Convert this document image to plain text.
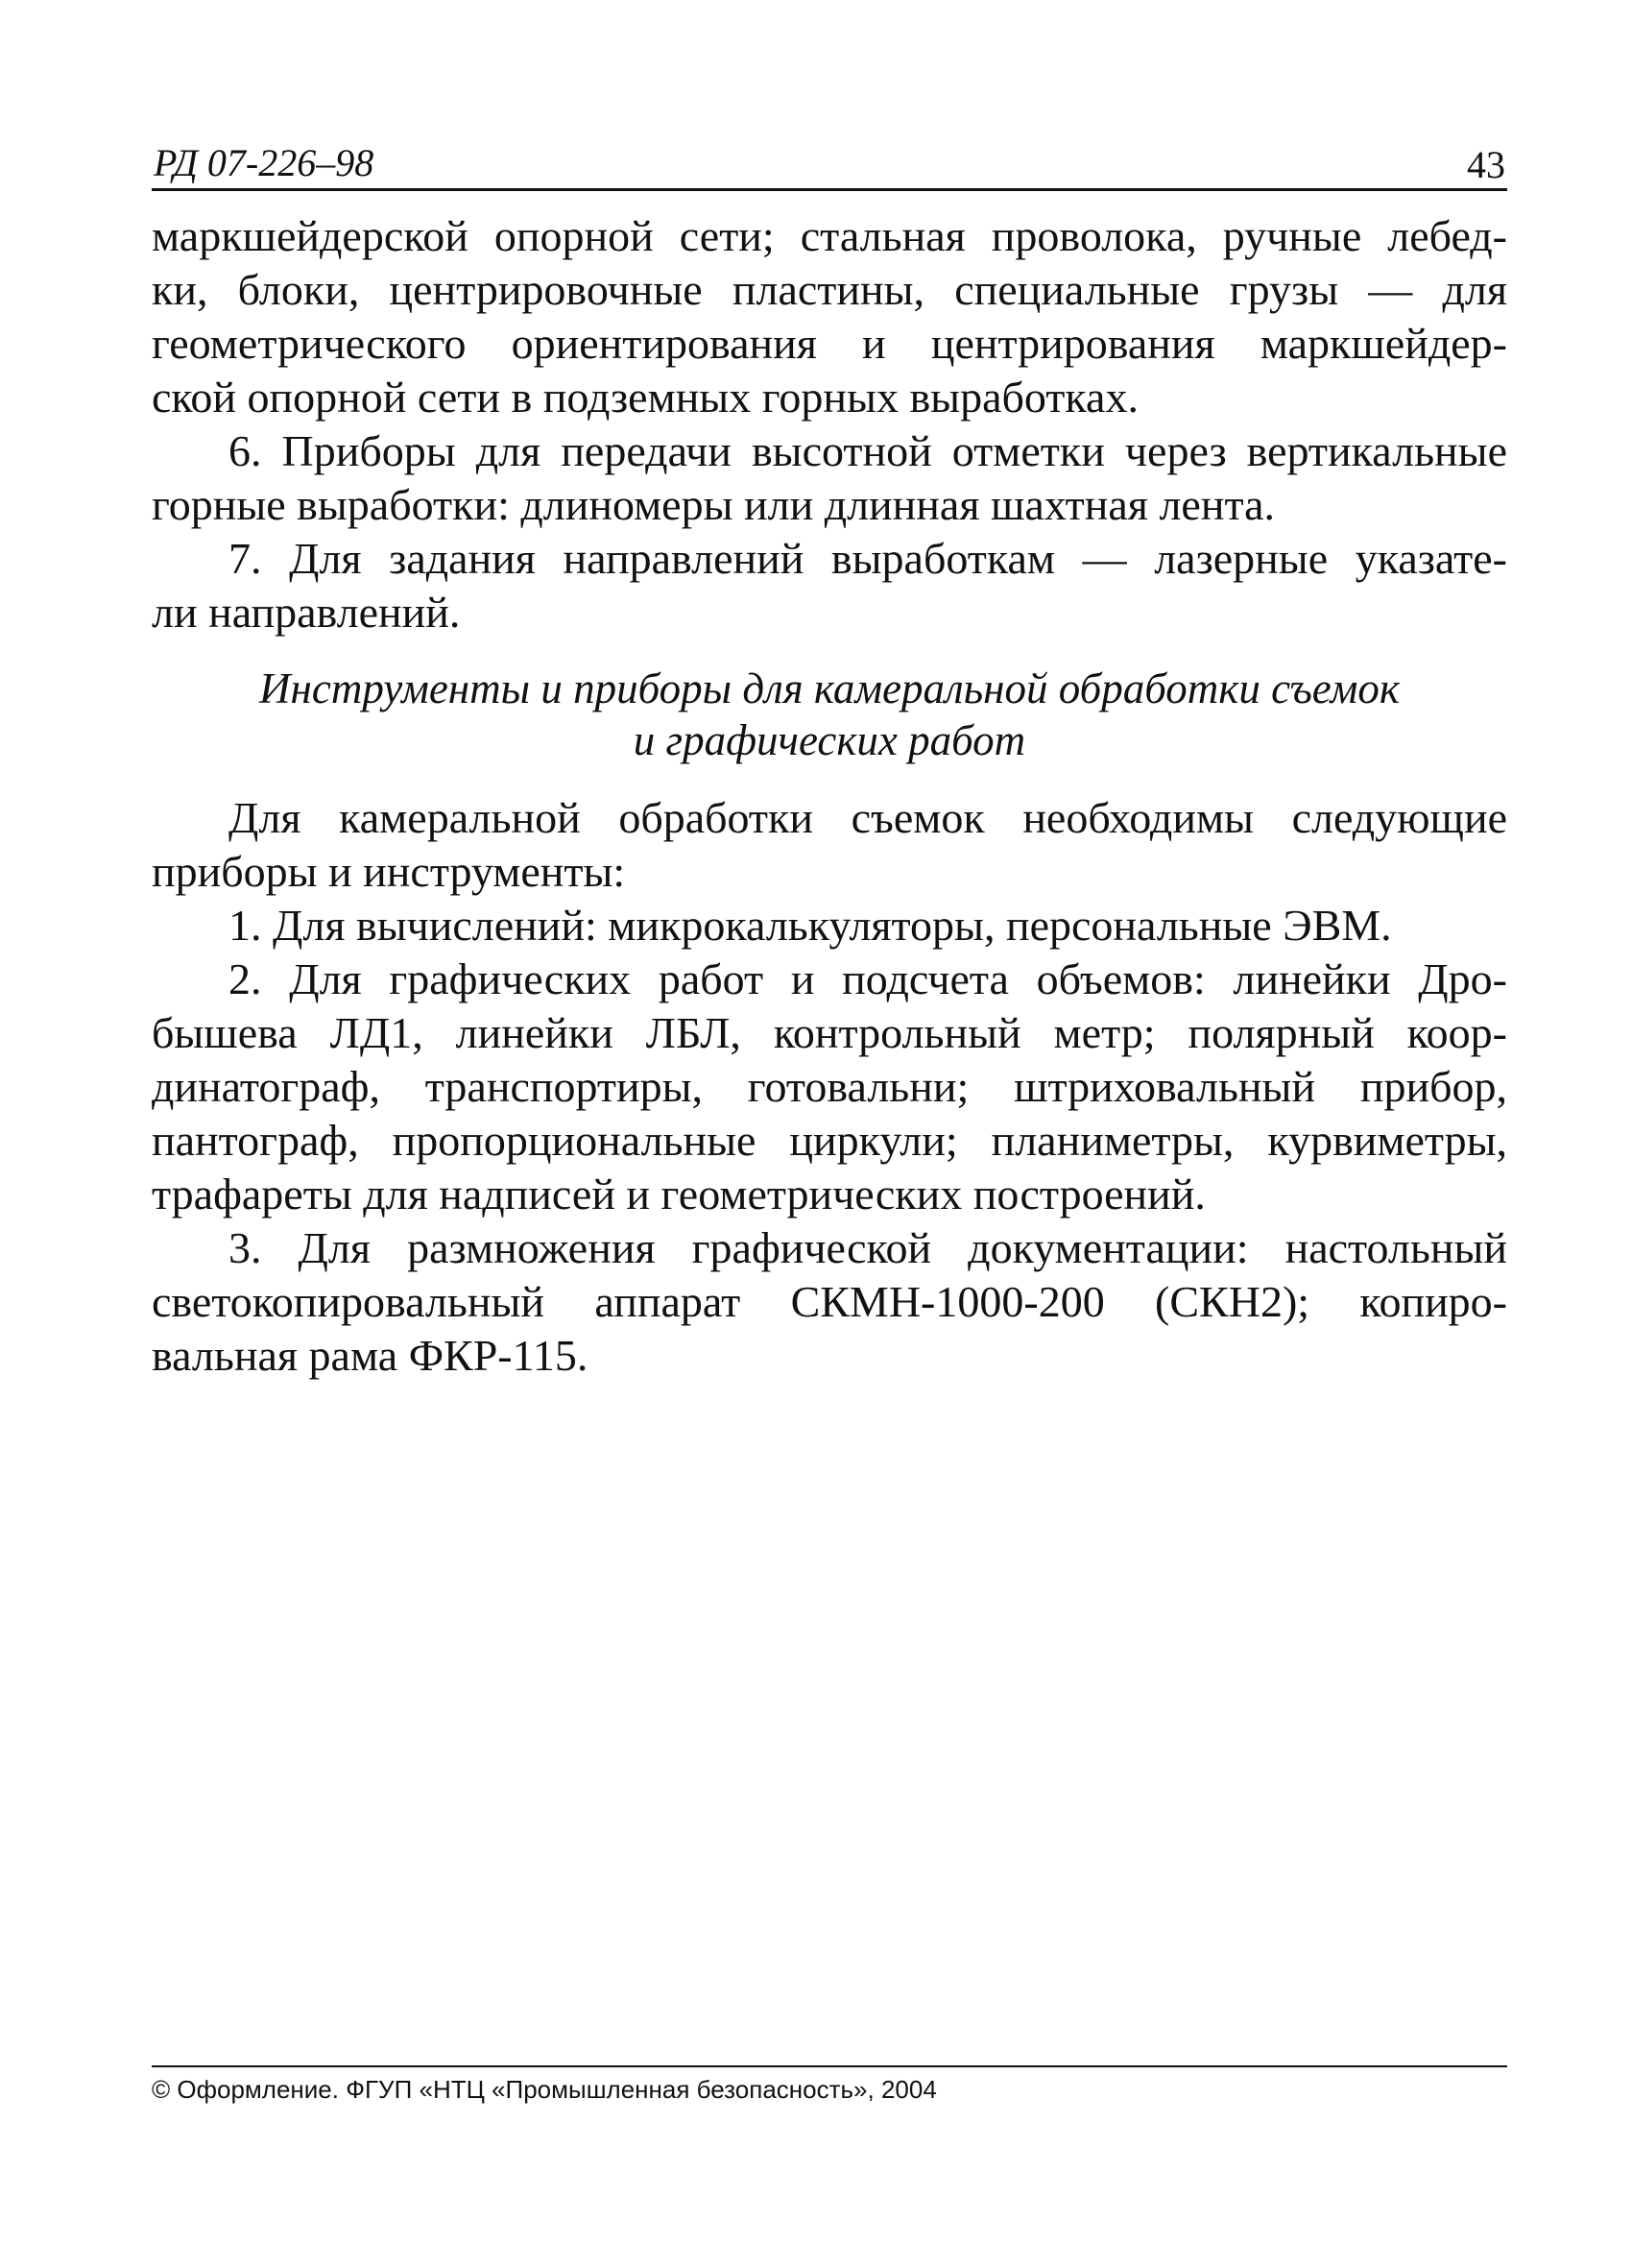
РД 07-226–98	43
маркшейдерской опорной сети; стальная проволока, ручные лебед-
ки, блоки, центрировочные пластины, специальные грузы — для
геометрического ориентирования и центрирования маркшейдер-
ской опорной сети в подземных горных выработках.
6. Приборы для передачи высотной отметки через вертикальные
горные выработки: длиномеры или длинная шахтная лента.
7. Для задания направлений выработкам — лазерные указате-
ли направлений.
Инструменты и приборы для камеральной обработки съемок
и графических работ
Для камеральной обработки съемок необходимы следующие
приборы и инструменты:
1. Для вычислений: микрокалькуляторы, персональные ЭВМ.
2. Для графических работ и подсчета объемов: линейки Дро-
бышева ЛД1, линейки ЛБЛ, контрольный метр; полярный коор-
динатограф, транспортиры, готовальни; штриховальный прибор,
пантограф, пропорциональные циркули; планиметры, курвиметры,
трафареты для надписей и геометрических построений.
3. Для размножения графической документации: настольный
светокопировальный аппарат СКМН-1000-200 (СКН2); копиро-
вальная рама ФКР-115.
© Оформление. ФГУП «НТЦ «Промышленная безопасность», 2004
